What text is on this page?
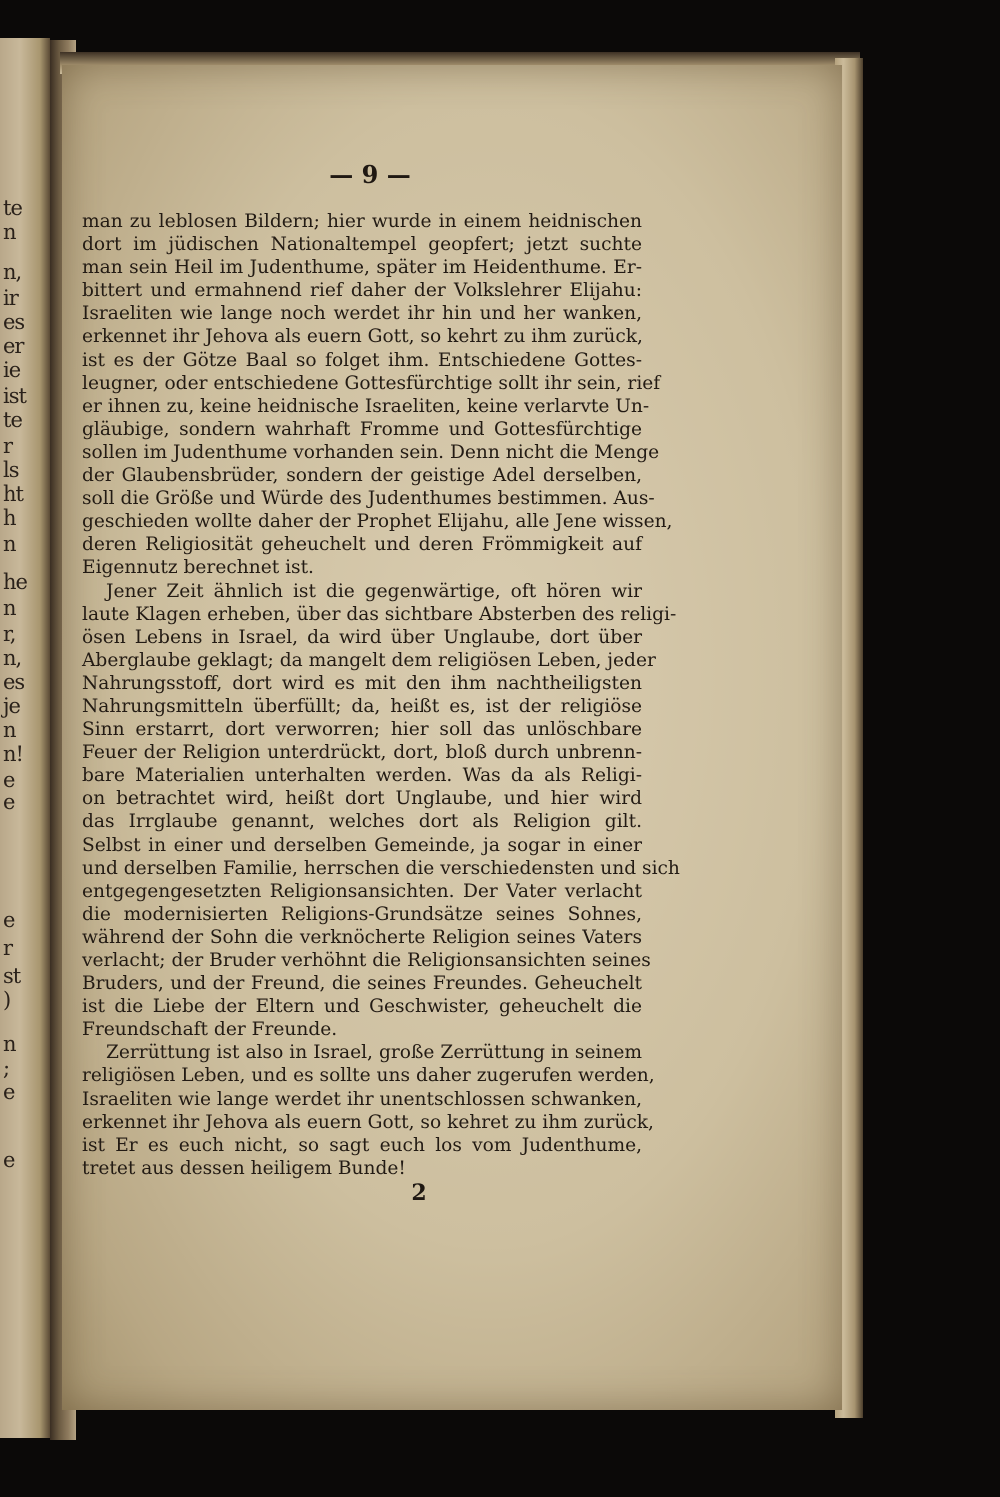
te
n
n,
ir
es
er
ie
ist
te
r
ls
ht
h
n
he
n
r,
n,
es
je
n
n!
e
e
e
r
st
)
n
;
e
e
— 9 —
man zu leblosen Bildern; hier wurde in einem heidnischen
dort im jüdischen Nationaltempel geopfert; jetzt suchte
man sein Heil im Judenthume, später im Heidenthume. Er-
bittert und ermahnend rief daher der Volkslehrer Elijahu:
Israeliten wie lange noch werdet ihr hin und her wanken,
erkennet ihr Jehova als euern Gott, so kehrt zu ihm zurück,
ist es der Götze Baal so folget ihm. Entschiedene Gottes-
leugner, oder entschiedene Gottesfürchtige sollt ihr sein, rief
er ihnen zu, keine heidnische Israeliten, keine verlarvte Un-
gläubige, sondern wahrhaft Fromme und Gottesfürchtige
sollen im Judenthume vorhanden sein. Denn nicht die Menge
der Glaubensbrüder, sondern der geistige Adel derselben,
soll die Größe und Würde des Judenthumes bestimmen. Aus-
geschieden wollte daher der Prophet Elijahu, alle Jene wissen,
deren Religiosität geheuchelt und deren Frömmigkeit auf
Eigennutz berechnet ist.
Jener Zeit ähnlich ist die gegenwärtige, oft hören wir
laute Klagen erheben, über das sichtbare Absterben des religi-
ösen Lebens in Israel, da wird über Unglaube, dort über
Aberglaube geklagt; da mangelt dem religiösen Leben, jeder
Nahrungsstoff, dort wird es mit den ihm nachtheiligsten
Nahrungsmitteln überfüllt; da, heißt es, ist der religiöse
Sinn erstarrt, dort verworren; hier soll das unlöschbare
Feuer der Religion unterdrückt, dort, bloß durch unbrenn-
bare Materialien unterhalten werden. Was da als Religi-
on betrachtet wird, heißt dort Unglaube, und hier wird
das Irrglaube genannt, welches dort als Religion gilt.
Selbst in einer und derselben Gemeinde, ja sogar in einer
und derselben Familie, herrschen die verschiedensten und sich
entgegengesetzten Religionsansichten. Der Vater verlacht
die modernisierten Religions-Grundsätze seines Sohnes,
während der Sohn die verknöcherte Religion seines Vaters
verlacht; der Bruder verhöhnt die Religionsansichten seines
Bruders, und der Freund, die seines Freundes. Geheuchelt
ist die Liebe der Eltern und Geschwister, geheuchelt die
Freundschaft der Freunde.
Zerrüttung ist also in Israel, große Zerrüttung in seinem
religiösen Leben, und es sollte uns daher zugerufen werden,
Israeliten wie lange werdet ihr unentschlossen schwanken,
erkennet ihr Jehova als euern Gott, so kehret zu ihm zurück,
ist Er es euch nicht, so sagt euch los vom Judenthume,
tretet aus dessen heiligem Bunde!
2
